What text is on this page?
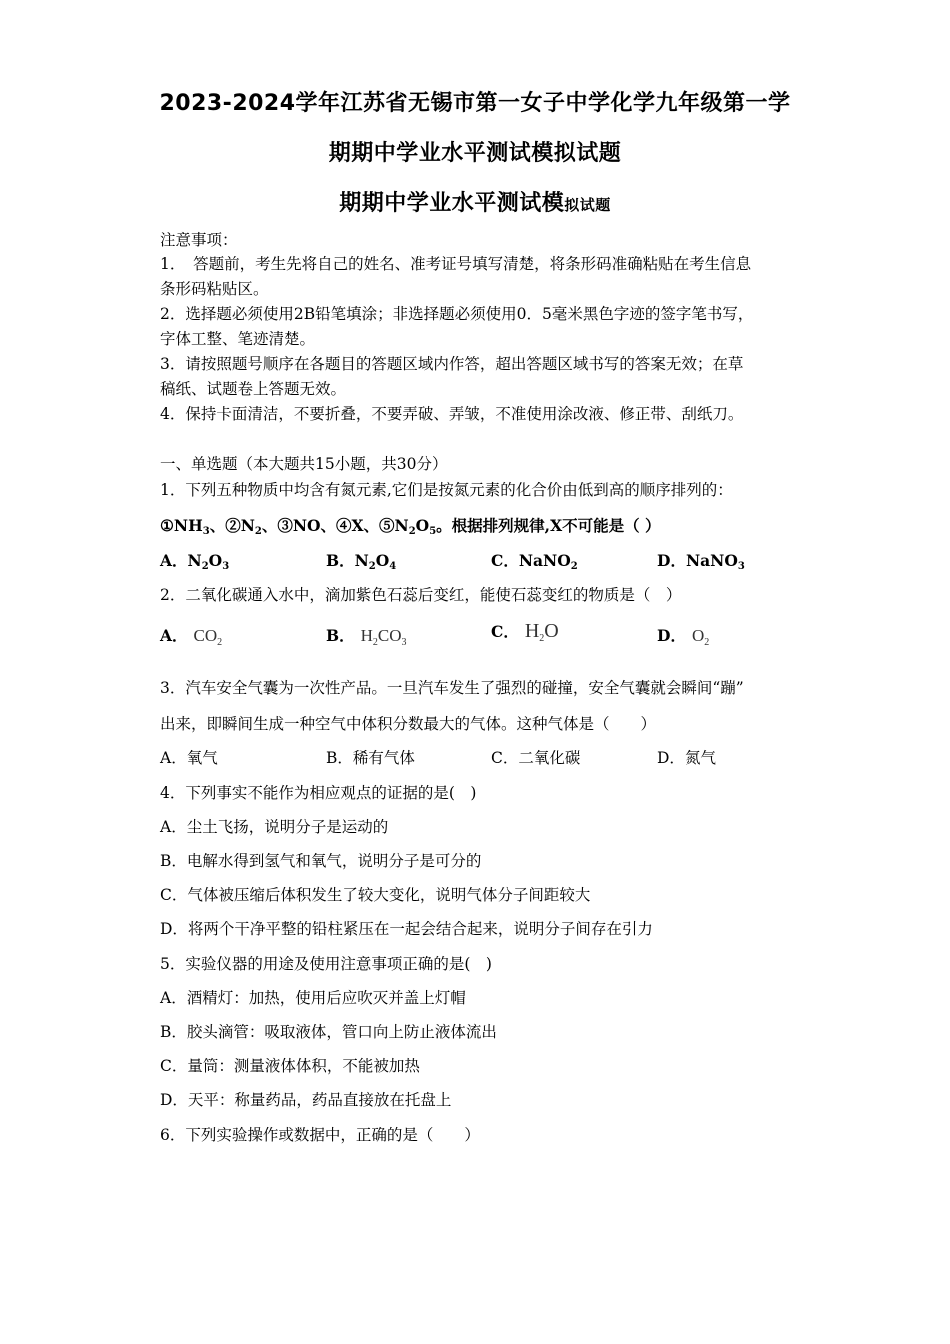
2023-2024学年江苏省无锡市第一女子中学化学九年级第一学
期期中学业水平测试模拟试题
期期中学业水平测试模拟试题
注意事项：
1．　答题前，考生先将自己的姓名、准考证号填写清楚，将条形码准确粘贴在考生信息
条形码粘贴区。
2．选择题必须使用2B铅笔填涂；非选择题必须使用0．5毫米黑色字迹的签字笔书写，
字体工整、笔迹清楚。
3．请按照题号顺序在各题目的答题区域内作答，超出答题区域书写的答案无效；在草
稿纸、试题卷上答题无效。
4．保持卡面清洁，不要折叠，不要弄破、弄皱，不准使用涂改液、修正带、刮纸刀。
一、单选题（本大题共15小题，共30分）
1．下列五种物质中均含有氮元素,它们是按氮元素的化合价由低到高的顺序排列的：
$①NH_3$、$②N_2$、③NO、④X、$⑤N_2O_5$。根据排列规律,X不可能是（ ）
A．$N_2O_3$	B．$N_2O_4$	C．NaNO$_2$	D．NaNO$_3$
2．二氧化碳通入水中，滴加紫色石蕊后变红，能使石蕊变红的物质是（　）
A． $CO_2$	B． $H_2CO_3$
C． $H_2O$	D． $O_2$
3．汽车安全气囊为一次性产品。一旦汽车发生了强烈的碰撞，安全气囊就会瞬间“蹦”
出来，即瞬间生成一种空气中体积分数最大的气体。这种气体是（　　）
A．氧气	B．稀有气体	C．二氧化碳	D．氮气
4．下列事实不能作为相应观点的证据的是(　)
A．尘土飞扬，说明分子是运动的
B．电解水得到氢气和氧气，说明分子是可分的
C．气体被压缩后体积发生了较大变化，说明气体分子间距较大
D．将两个干净平整的铅柱紧压在一起会结合起来，说明分子间存在引力
5．实验仪器的用途及使用注意事项正确的是(　)
A．酒精灯：加热，使用后应吹灭并盖上灯帽
B．胶头滴管：吸取液体，管口向上防止液体流出
C．量筒：测量液体体积，不能被加热
D．天平：称量药品，药品直接放在托盘上
6．下列实验操作或数据中，正确的是（　　）
